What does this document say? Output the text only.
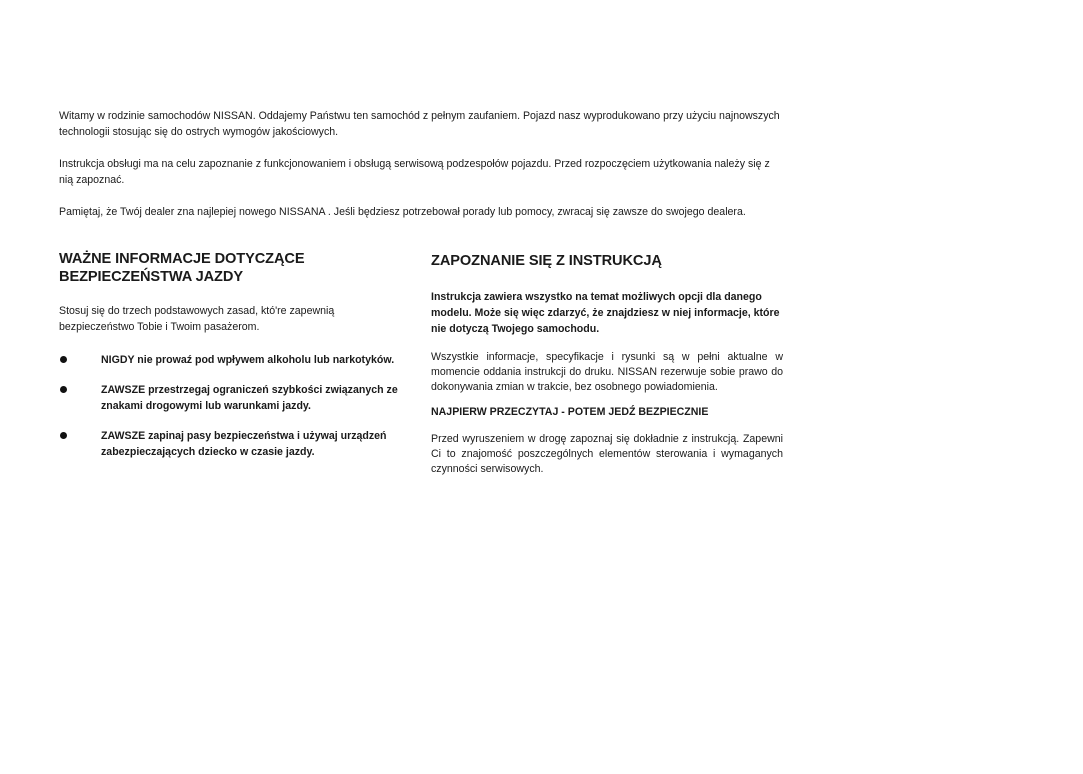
Witamy w rodzinie samochodów NISSAN. Oddajemy Państwu ten samochód z pełnym zaufaniem. Pojazd nasz wyprodukowano przy użyciu najnowszych technologii stosując się do ostrych wymogów jakościowych.

Instrukcja obsługi ma na celu zapoznanie z funkcjonowaniem i obsługą serwisową podzespołów pojazdu. Przed rozpoczęciem użytkowania należy się z nią zapoznać.

Pamiętaj, że Twój dealer zna najlepiej nowego NISSANA . Jeśli będziesz potrzebował porady lub pomocy, zwracaj się zawsze do swojego dealera.

WAŻNE INFORMACJE DOTYCZĄCE BEZPIECZEŃSTWA JAZDY

Stosuj się do trzech podstawowych zasad, któ're zapewnią bezpieczeństwo Tobie i Twoim pasażerom.

NIGDY nie prowaź pod wpływem alkoholu lub narkotyków.
ZAWSZE przestrzegaj ograniczeń szybkości związanych ze znakami drogowymi lub warunkami jazdy.
ZAWSZE zapinaj pasy bezpieczeństwa i używaj urządzeń zabezpieczających dziecko w czasie jazdy.
ZAPOZNANIE SIĘ Z INSTRUKCJĄ

Instrukcja zawiera wszystko na temat możliwych opcji dla danego modelu. Może się więc zdarzyć, że znajdziesz w niej informacje, które nie dotyczą Twojego samochodu.

Wszystkie informacje, specyfikacje i rysunki są w pełni aktualne w momencie oddania instrukcji do druku. NISSAN rezerwuje sobie prawo do dokonywania zmian w trakcie, bez osobnego powiadomienia.

NAJPIERW PRZECZYTAJ - POTEM JEDŹ BEZPIECZNIE

Przed wyruszeniem w drogę zapoznaj się dokładnie z instrukcją. Zapewni Ci to znajomość poszczególnych elementów sterowania i wymaganych czynności serwisowych.
